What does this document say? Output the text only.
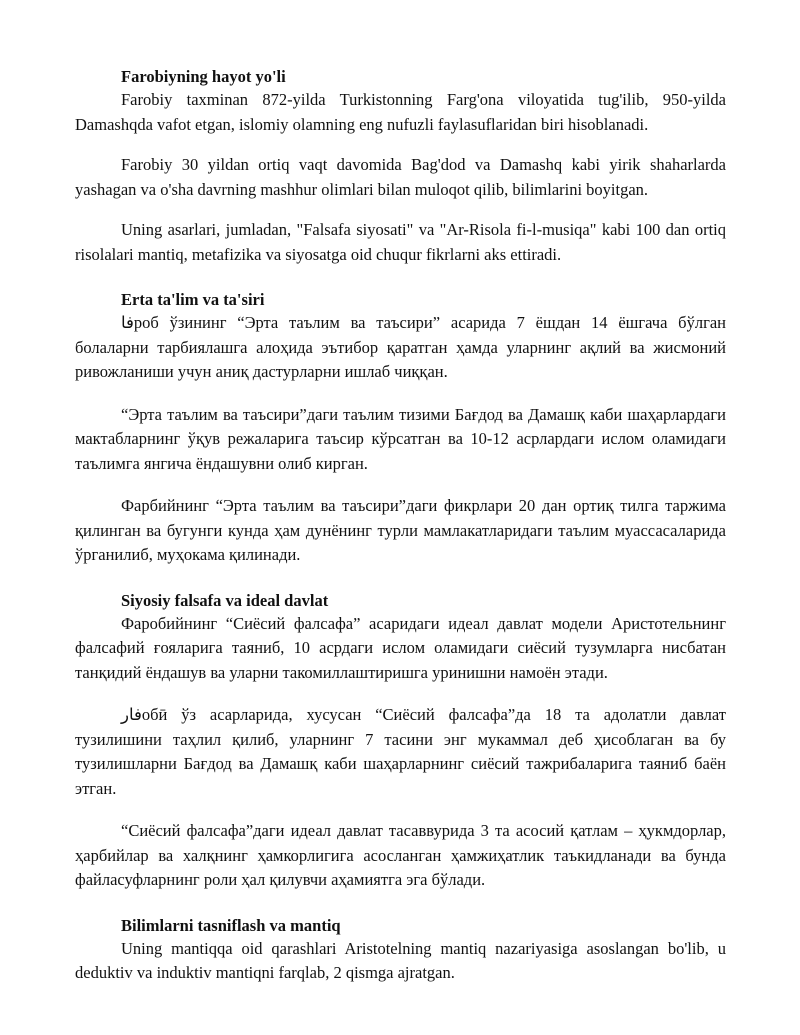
Farobiyning hayot yo'li

Farobiy taxminan 872-yilda Turkistonning Farg'ona viloyatida tug'ilib, 950-yilda Damashqda vafot etgan, islomiy olamning eng nufuzli faylasuflaridan biri hisoblanadi.

Farobiy 30 yildan ortiq vaqt davomida Bag'dod va Damashq kabi yirik shaharlarda yashagan va o'sha davrning mashhur olimlari bilan muloqot qilib, bilimlarini boyitgan.

Uning asarlari, jumladan, "Falsafa siyosati" va "Ar-Risola fi-l-musiqa" kabi 100 dan ortiq risolalari mantiq, metafizika va siyosatga oid chuqur fikrlarni aks ettiradi.

Erta ta'lim va ta'siri

فاроб ўзининг “Эрта таълим ва таъсири” асарида 7 ёшдан 14 ёшгача бўлган болаларни тарбиялашга алоҳида эътибор қаратган ҳамда уларнинг ақлий ва жисмоний ривожланиши учун аниқ дастурларни ишлаб чиққан.

“Эрта таълим ва таъсири”даги таълим тизими Бағдод ва Дамашқ каби шаҳарлардаги мактабларнинг ўқув режаларига таъсир кўрсатган ва 10-12 асрлардаги ислом оламидаги таълимга янгича ёндашувни олиб кирган.

Фарбийнинг “Эрта таълим ва таъсири”даги фикрлари 20 дан ортиқ тилга таржима қилинган ва бугунги кунда ҳам дунёнинг турли мамлакатларидаги таълим муассасаларида ўрганилиб, муҳокама қилинади.

Siyosiy falsafa va ideal davlat

Фаробийнинг “Сиёсий фалсафа” асаридаги идеал давлат модели Аристотельнинг фалсафий ғояларига таяниб, 10 асрдаги ислом оламидаги сиёсий тузумларга нисбатан танқидий ёндашув ва уларни такомиллаштиришга уринишни намоён этади.

فارобӣ ўз асарларида, хусусан “Сиёсий фалсафа”да 18 та адолатли давлат тузилишини таҳлил қилиб, уларнинг 7 тасини энг мукаммал деб ҳисоблаган ва бу тузилишларни Бағдод ва Дамашқ каби шаҳарларнинг сиёсий тажрибаларига таяниб баён этган.

“Сиёсий фалсафа”даги идеал давлат тасаввурида 3 та асосий қатлам – ҳукмдорлар, ҳарбийлар ва халқнинг ҳамкорлигига асосланган ҳамжиҳатлик таъкидланади ва бунда файласуфларнинг роли ҳал қилувчи аҳамиятга эга бўлади.

Bilimlarni tasniflash va mantiq

Uning mantiqqa oid qarashlari Aristotelning mantiq nazariyasiga asoslangan bo'lib, u deduktiv va induktiv mantiqni farqlab, 2 qismga ajratgan.
